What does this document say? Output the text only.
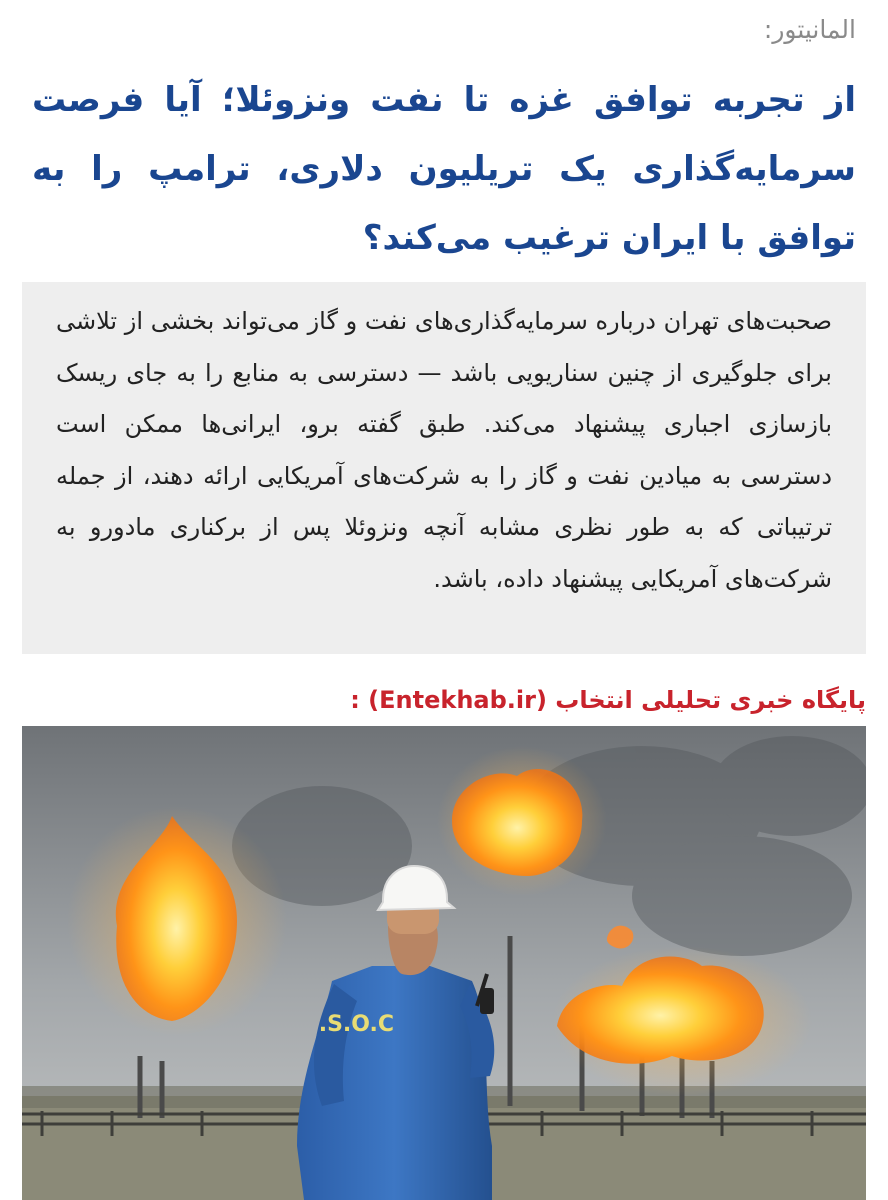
المانیتور:
از تجربه توافق غزه تا نفت ونزوئلا؛ آیا فرصت سرمایه‌گذاری یک تریلیون دلاری، ترامپ را به توافق با ایران ترغیب می‌کند؟

صحبت‌های تهران درباره سرمایه‌گذاری‌های نفت و گاز می‌تواند بخشی از تلاشی برای جلوگیری از چنین سناریویی باشد — دسترسی به منابع را به جای ریسک بازسازی اجباری پیشنهاد می‌کند. طبق گفته برو، ایرانی‌ها ممکن است دسترسی به میادین نفت و گاز را به شرکت‌های آمریکایی ارائه دهند، از جمله ترتیباتی که به طور نظری مشابه آنچه ونزوئلا پس از برکناری مادورو به شرکت‌های آمریکایی پیشنهاد داده، باشد.

پایگاه خبری تحلیلی انتخاب (Entekhab.ir) :
S.O.C.
